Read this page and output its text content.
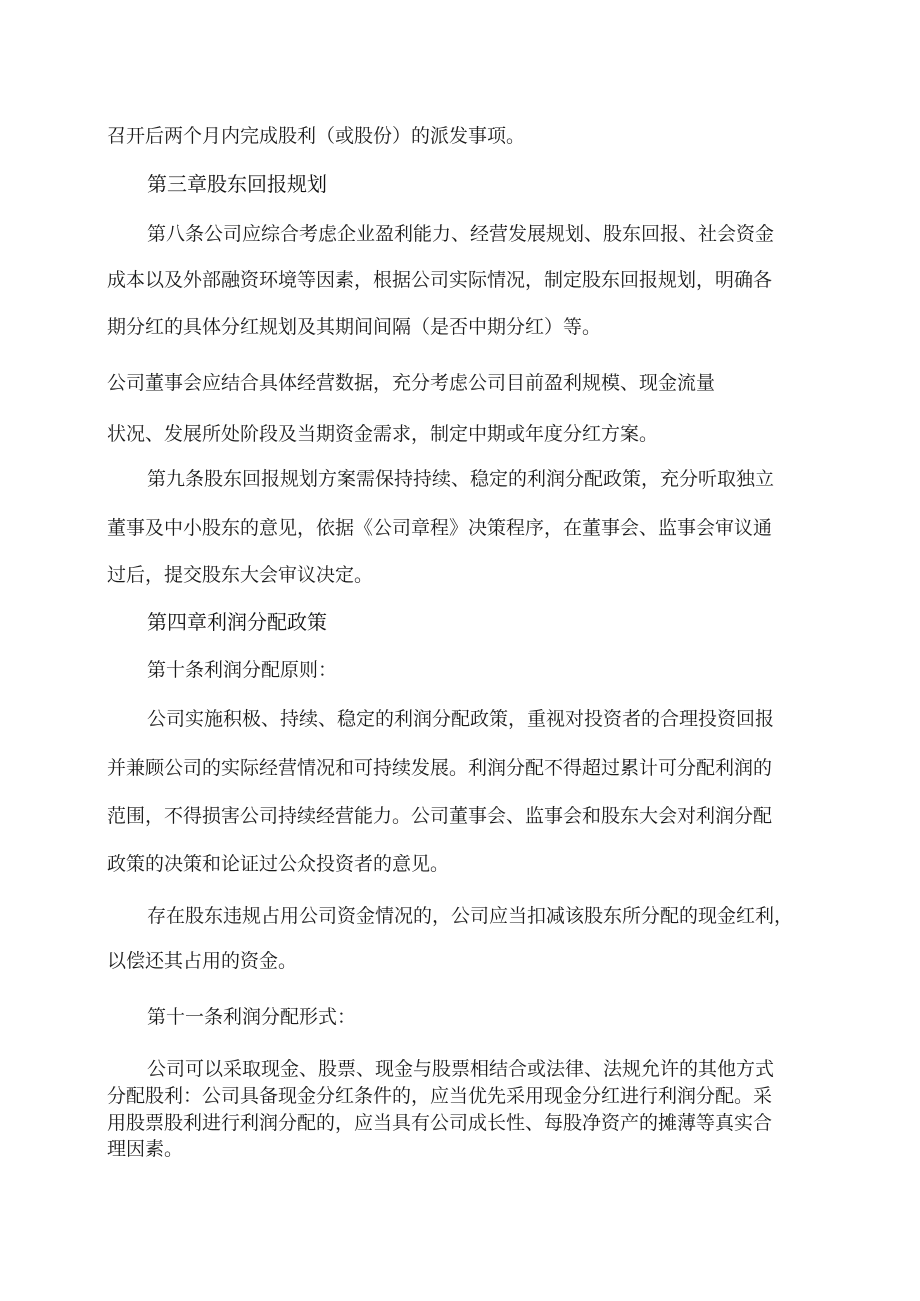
召开后两个月内完成股利（或股份）的派发事项。
第三章股东回报规划
第八条公司应综合考虑企业盈利能力、经营发展规划、股东回报、社会资金
成本以及外部融资环境等因素，根据公司实际情况，制定股东回报规划，明确各
期分红的具体分红规划及其期间间隔（是否中期分红）等。
公司董事会应结合具体经营数据，充分考虑公司目前盈利规模、现金流量
状况、发展所处阶段及当期资金需求，制定中期或年度分红方案。
第九条股东回报规划方案需保持持续、稳定的利润分配政策，充分听取独立
董事及中小股东的意见，依据《公司章程》决策程序，在董事会、监事会审议通
过后，提交股东大会审议决定。
第四章利润分配政策
第十条利润分配原则：
公司实施积极、持续、稳定的利润分配政策，重视对投资者的合理投资回报
并兼顾公司的实际经营情况和可持续发展。利润分配不得超过累计可分配利润的
范围，不得损害公司持续经营能力。公司董事会、监事会和股东大会对利润分配
政策的决策和论证过公众投资者的意见。
存在股东违规占用公司资金情况的，公司应当扣减该股东所分配的现金红利，
以偿还其占用的资金。
第十一条利润分配形式：
公司可以采取现金、股票、现金与股票相结合或法律、法规允许的其他方式
分配股利：公司具备现金分红条件的，应当优先采用现金分红进行利润分配。采
用股票股利进行利润分配的，应当具有公司成长性、每股净资产的摊薄等真实合
理因素。
